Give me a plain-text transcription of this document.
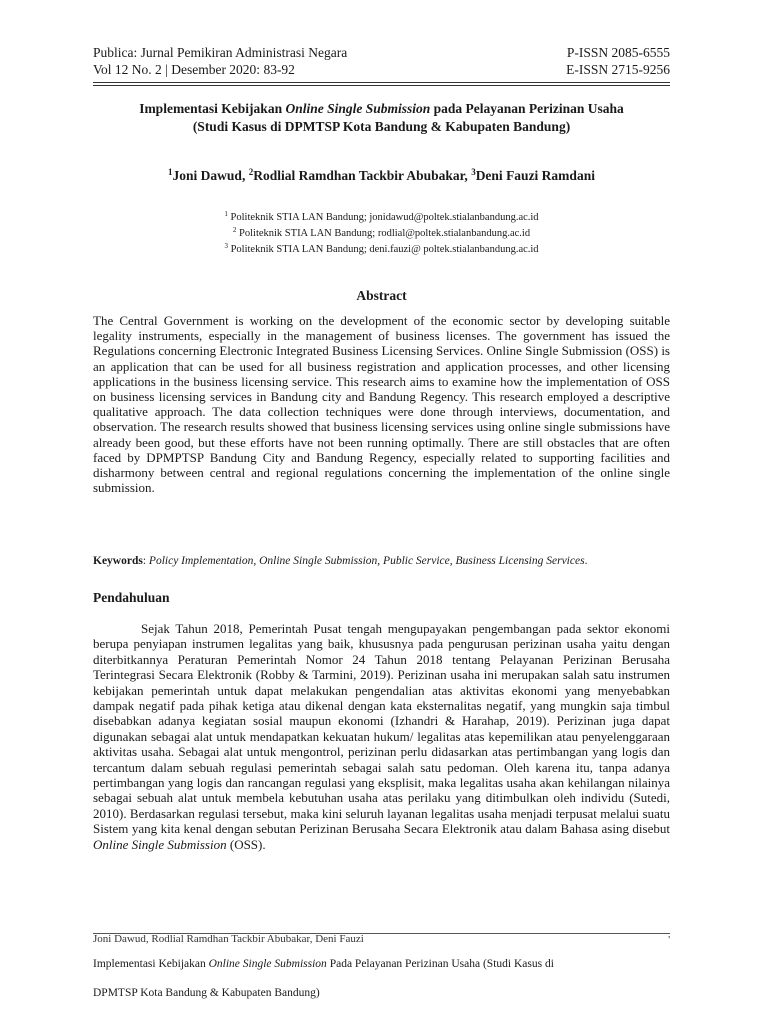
Publica: Jurnal Pemikiran Administrasi Negara	P-ISSN 2085-6555
Vol 12 No. 2 | Desember 2020: 83-92	E-ISSN 2715-9256
Implementasi Kebijakan Online Single Submission pada Pelayanan Perizinan Usaha
(Studi Kasus di DPMTSP Kota Bandung & Kabupaten Bandung)
$^1$Joni Dawud, $^2$Rodlial Ramdhan Tackbir Abubakar, $^3$Deni Fauzi Ramdani
$^1$ Politeknik STIA LAN Bandung; jonidawud@poltek.stialanbandung.ac.id
$^2$ Politeknik STIA LAN Bandung; rodlial@poltek.stialanbandung.ac.id
$^3$ Politeknik STIA LAN Bandung; deni.fauzi@ poltek.stialanbandung.ac.id
Abstract

The Central Government is working on the development of the economic sector by developing suitable legality instruments, especially in the management of business licenses. The government has issued the Regulations concerning Electronic Integrated Business Licensing Services. Online Single Submission (OSS) is an application that can be used for all business registration and application processes, and other licensing applications in the business licensing service. This research aims to examine how the implementation of OSS on business licensing services in Bandung city and Bandung Regency. This research employed a descriptive qualitative approach. The data collection techniques were done through interviews, documentation, and observation. The research results showed that business licensing services using online single submissions have already been good, but these efforts have not been running optimally. There are still obstacles that are often faced by DPMPTSP Bandung City and Bandung Regency, especially related to supporting facilities and disharmony between central and regional regulations concerning the implementation of the online single submission.

Keywords: Policy Implementation, Online Single Submission, Public Service, Business Licensing Services.
Pendahuluan

Sejak Tahun 2018, Pemerintah Pusat tengah mengupayakan pengembangan pada sektor ekonomi berupa penyiapan instrumen legalitas yang baik, khususnya pada pengurusan perizinan usaha yaitu dengan diterbitkannya Peraturan Pemerintah Nomor 24 Tahun 2018 tentang Pelayanan Perizinan Berusaha Terintegrasi Secara Elektronik (Robby & Tarmini, 2019). Perizinan usaha ini merupakan salah satu instrumen kebijakan pemerintah untuk dapat melakukan pengendalian atas aktivitas ekonomi yang menyebabkan dampak negatif pada pihak ketiga atau dikenal dengan kata eksternalitas negatif, yang mungkin saja timbul disebabkan adanya kegiatan sosial maupun ekonomi (Izhandri & Harahap, 2019). Perizinan juga dapat digunakan sebagai alat untuk mendapatkan kekuatan hukum/ legalitas atas kepemilikan atau penyelenggaraan aktivitas usaha. Sebagai alat untuk mengontrol, perizinan perlu didasarkan atas pertimbangan yang logis dan tercantum dalam sebuah regulasi pemerintah sebagai salah satu pedoman. Oleh karena itu, tanpa adanya pertimbangan yang logis dan rancangan regulasi yang eksplisit, maka legalitas usaha akan kehilangan nilainya sebagai sebuah alat untuk membela kebutuhan usaha atas perilaku yang ditimbulkan oleh individu (Sutedi, 2010). Berdasarkan regulasi tersebut, maka kini seluruh layanan legalitas usaha menjadi terpusat melalui suatu Sistem yang kita kenal dengan sebutan Perizinan Berusaha Secara Elektronik atau dalam Bahasa asing disebut Online Single Submission (OSS).

Joni Dawud, Rodlial Ramdhan Tackbir Abubakar, Deni Fauzi	'
Implementasi Kebijakan Online Single Submission Pada Pelayanan Perizinan Usaha (Studi Kasus di
DPMTSP Kota Bandung & Kabupaten Bandung)
